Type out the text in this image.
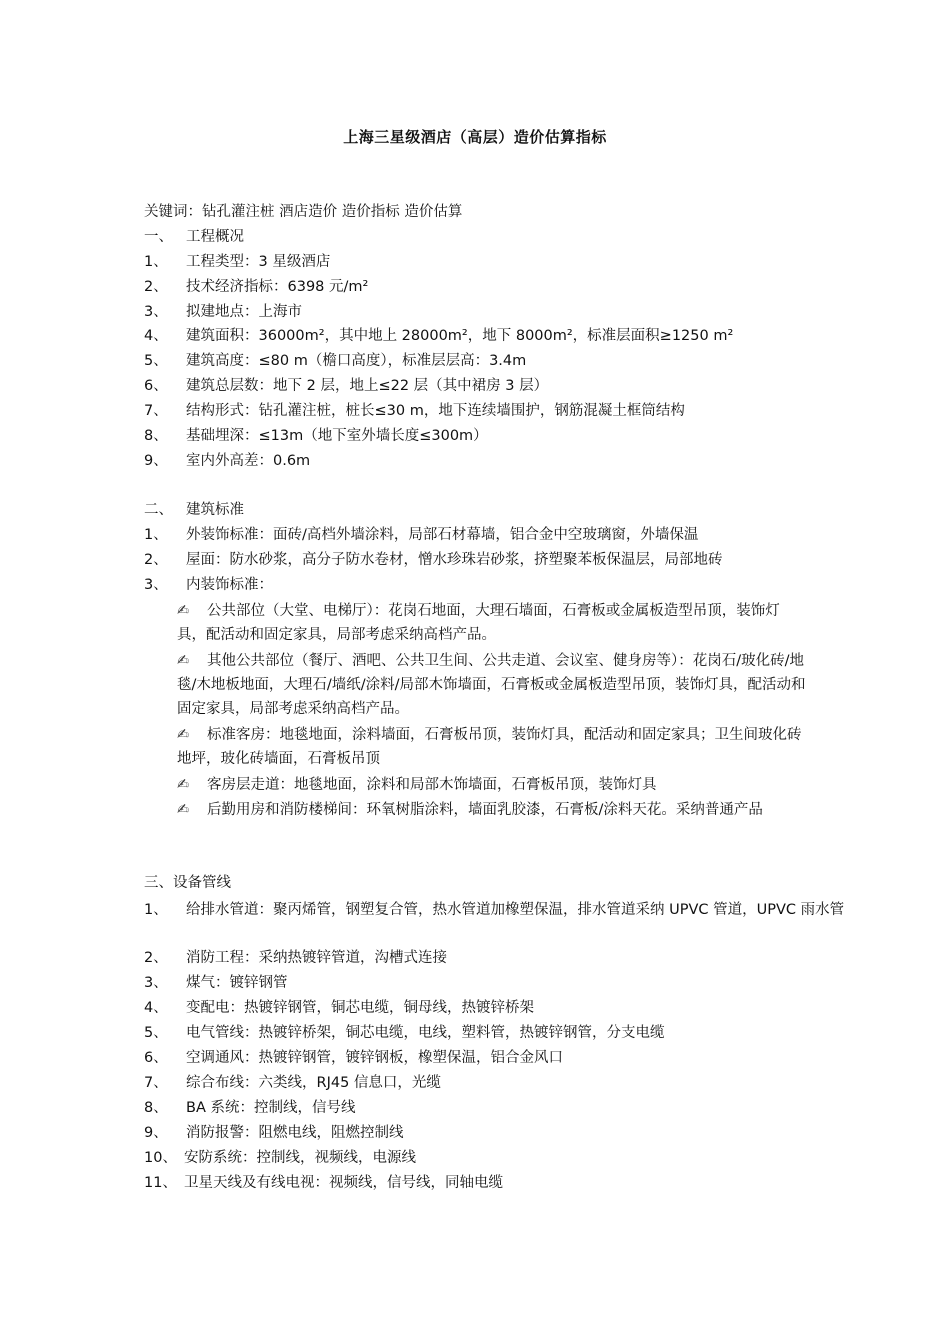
上海三星级酒店（高层）造价估算指标
关键词：钻孔灌注桩 酒店造价 造价指标 造价估算
一、 工程概况
1、 工程类型：3 星级酒店
2、 技术经济指标：6398 元/m²
3、 拟建地点：上海市
4、 建筑面积：36000m²，其中地上 28000m²，地下 8000m²，标准层面积≥1250 m²
5、 建筑高度：≤80 m（檐口高度），标准层层高：3.4m
6、 建筑总层数：地下 2 层，地上≤22 层（其中裙房 3 层）
7、 结构形式：钻孔灌注桩，桩长≤30 m，地下连续墙围护，钢筋混凝土框筒结构
8、 基础埋深：≤13m（地下室外墙长度≤300m）
9、 室内外高差：0.6m
二、 建筑标准
1、 外装饰标准：面砖/高档外墙涂料，局部石材幕墙，铝合金中空玻璃窗，外墙保温
2、 屋面：防水砂浆，高分子防水卷材，憎水珍珠岩砂浆，挤塑聚苯板保温层，局部地砖
3、 内装饰标准：
✍ 公共部位（大堂、电梯厅）：花岗石地面，大理石墙面，石膏板或金属板造型吊顶，装饰灯具，配活动和固定家具，局部考虑采纳高档产品。
✍ 其他公共部位（餐厅、酒吧、公共卫生间、公共走道、会议室、健身房等）：花岗石/玻化砖/地毯/木地板地面，大理石/墙纸/涂料/局部木饰墙面，石膏板或金属板造型吊顶，装饰灯具，配活动和固定家具，局部考虑采纳高档产品。
✍ 标准客房：地毯地面，涂料墙面，石膏板吊顶，装饰灯具，配活动和固定家具；卫生间玻化砖地坪，玻化砖墙面，石膏板吊顶
✍ 客房层走道：地毯地面，涂料和局部木饰墙面，石膏板吊顶，装饰灯具
✍ 后勤用房和消防楼梯间：环氧树脂涂料，墙面乳胶漆，石膏板/涂料天花。采纳普通产品
三、设备管线
1、 给排水管道：聚丙烯管，钢塑复合管，热水管道加橡塑保温，排水管道采纳 UPVC 管道，UPVC 雨水管
2、 消防工程：采纳热镀锌管道，沟槽式连接
3、 煤气：镀锌钢管
4、 变配电：热镀锌钢管，铜芯电缆，铜母线，热镀锌桥架
5、 电气管线：热镀锌桥架，铜芯电缆，电线，塑料管，热镀锌钢管，分支电缆
6、 空调通风：热镀锌钢管，镀锌钢板，橡塑保温，铝合金风口
7、 综合布线：六类线，RJ45 信息口，光缆
8、 BA 系统：控制线，信号线
9、 消防报警：阻燃电线，阻燃控制线
10、 安防系统：控制线，视频线，电源线
11、 卫星天线及有线电视：视频线，信号线，同轴电缆
